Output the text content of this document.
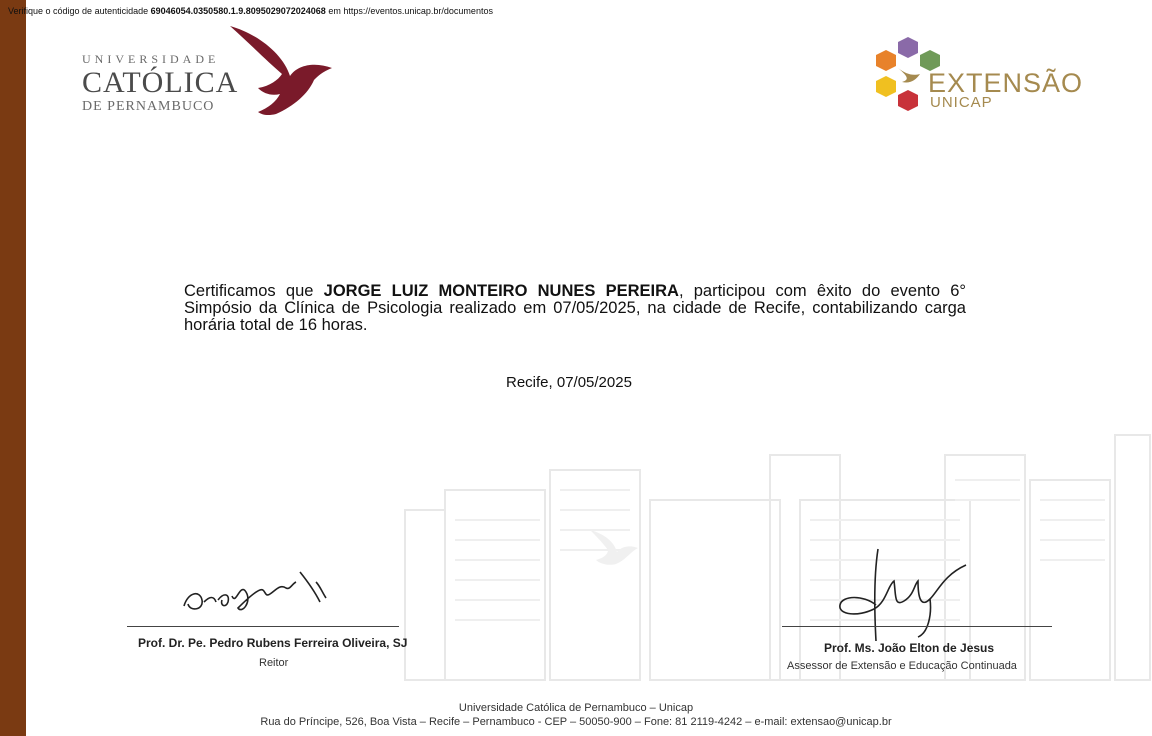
Verifique o código de autenticidade 69046054.0350580.1.9.8095029072024068 em https://eventos.unicap.br/documentos
UNIVERSIDADE
CATÓLICA
DE PERNAMBUCO
EXTENSÃO
UNICAP
Certificamos que JORGE LUIZ MONTEIRO NUNES PEREIRA, participou com êxito do evento 6° Simpósio da Clínica de Psicologia realizado em 07/05/2025, na cidade de Recife, contabilizando carga horária total de 16 horas.
Recife, 07/05/2025
Prof. Dr. Pe. Pedro Rubens Ferreira Oliveira, SJ
Reitor
Prof. Ms. João Elton de Jesus
Assessor de Extensão e Educação Continuada
Universidade Católica de Pernambuco – Unicap
Rua do Príncipe, 526, Boa Vista – Recife – Pernambuco - CEP – 50050-900 – Fone: 81 2119-4242 – e-mail: extensao@unicap.br
